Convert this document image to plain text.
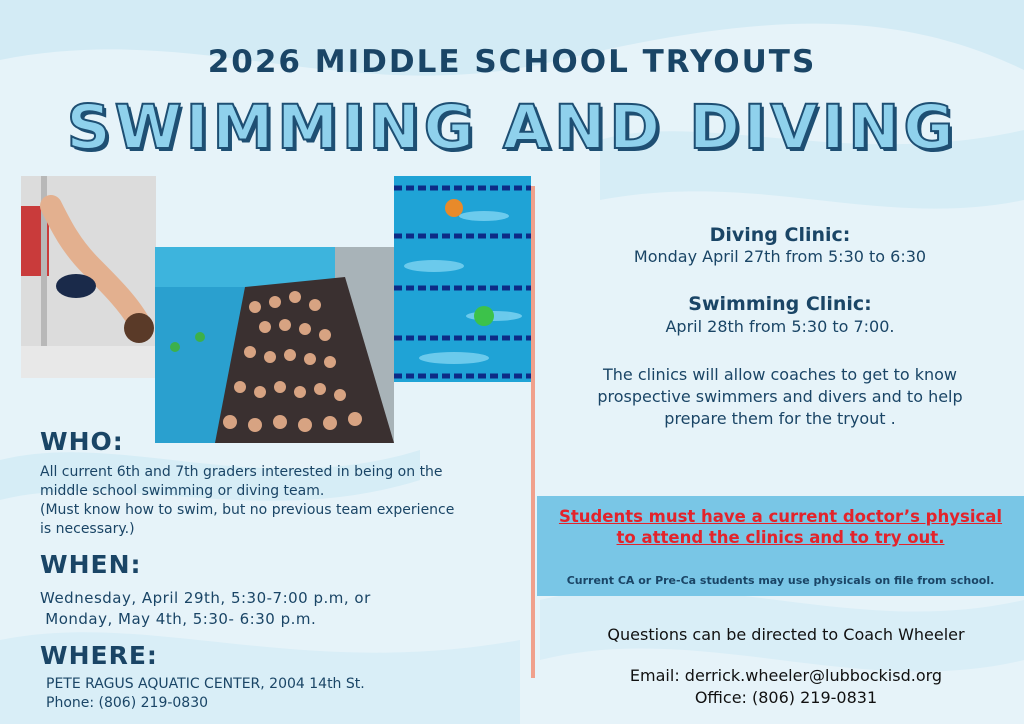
2026 MIDDLE SCHOOL TRYOUTS
SWIMMING AND DIVING
Diving Clinic:
Monday April 27th from 5:30 to 6:30
Swimming Clinic:
April 28th from 5:30 to 7:00.
The clinics will allow coaches to get to know
prospective swimmers and divers and to help
prepare them for the tryout .
Students must have a current doctor’s physical
to attend the clinics and to try out.
Current CA or Pre-Ca students may use physicals on file from school.
Questions can be directed to Coach Wheeler
Email: derrick.wheeler@lubbockisd.org
Office: (806) 219-0831
WHO:
All current 6th and 7th graders interested in being on the
middle school swimming or diving team.
(Must know how to swim, but no previous team experience
is necessary.)
WHEN:
Wednesday, April 29th, 5:30-7:00 p.m, or
Monday, May 4th, 5:30- 6:30 p.m.
WHERE:
PETE RAGUS AQUATIC CENTER, 2004 14th St.
Phone: (806) 219-0830
